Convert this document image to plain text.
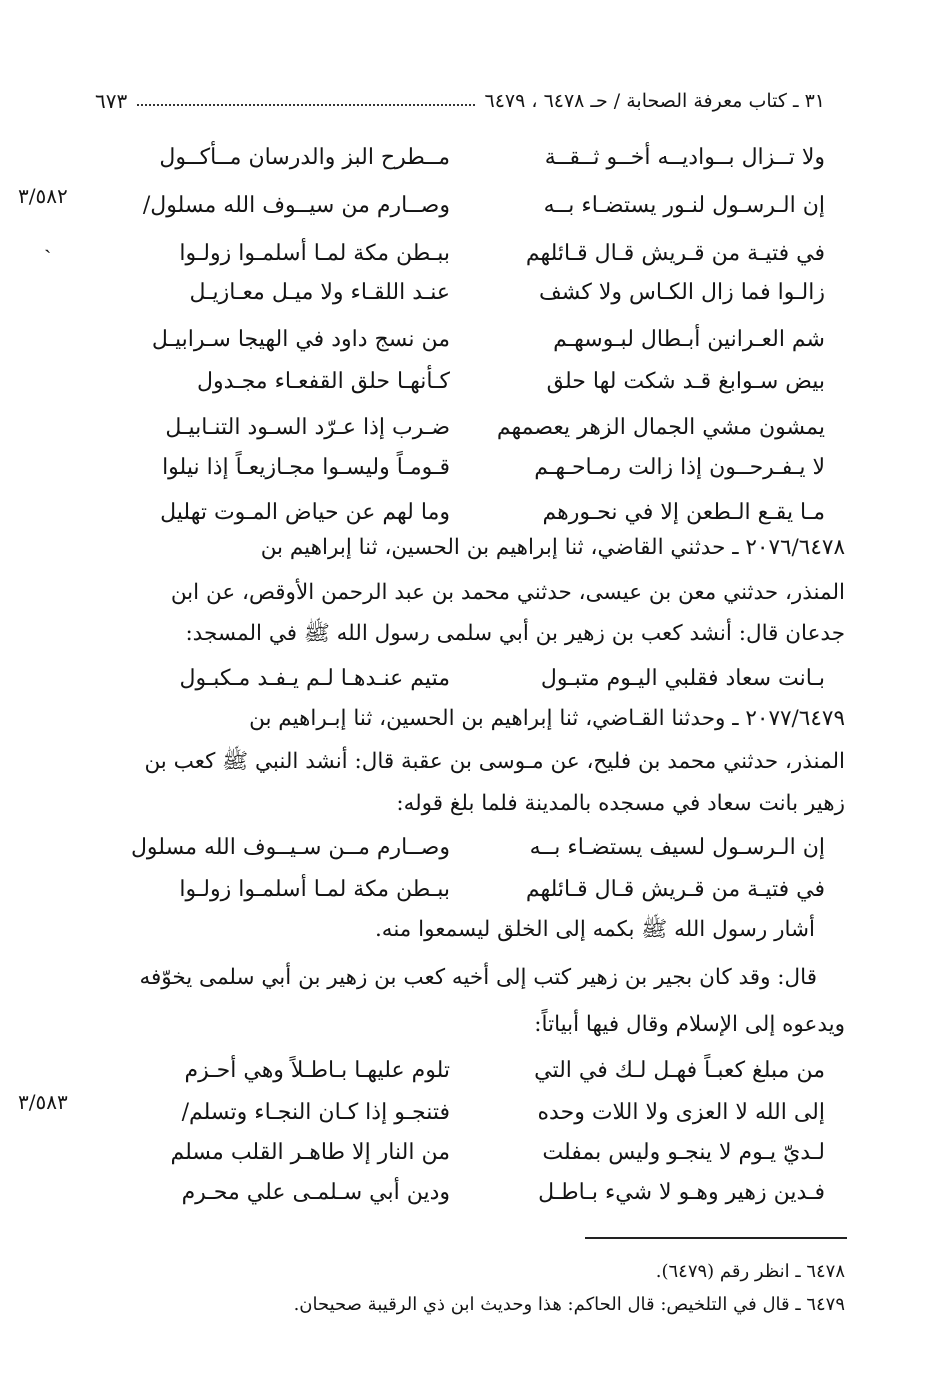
٣١ ـ كتاب معرفة الصحابة / حـ ٦٤٧٨ ، ٦٤٧٩
٦٧٣
ولا تــزال بــواديــه أخــو ثــقــة
مــطرح البز والدرسان مــأكــول
إن الـرسـول لنـور يستضـاء بــه
وصــارم من سيــوف الله مسلول/
في فتيـة من قـريش قـال قـائلهم
ببـطن مكة لمـا أسلمـوا زولـوا
زالـوا فما زال الكـاس ولا كشف
عنـد اللقـاء ولا ميـل معـازيـل
شم العـرانين أبـطال لبـوسهـم
من نسج داود في الهيجا سـرابيـل
بيض سـوابغ قـد شكت لها حلق
كـأنهـا حلق القفعـاء مجـدول
يمشون مشي الجمال الزهر يعصمهم
ضـرب إذا عـرّد السـود التنـابيـل
لا يـفـرحــون إذا زالت رمـاحـهـم
قـومـاً وليسـوا مجـازيعـاً إذا نيلوا
مـا يقـع الـطعن إلا في نحـورهم
وما لهم عن حياض المـوت تهليل
٣/٥٨٢
ˎ
٢٠٧٦/٦٤٧٨ ـ حدثني القاضي، ثنا إبراهيم بن الحسين، ثنا إبراهيم بن
المنذر، حدثني معن بن عيسى، حدثني محمد بن عبد الرحمن الأوقص، عن ابن
جدعان قال: أنشد كعب بن زهير بن أبي سلمى رسول الله ﷺ في المسجد:
بـانت سعاد فقلبي اليـوم متبـول
متيم عنـدهـا لـم يـفـد مـكبـول
٢٠٧٧/٦٤٧٩ ـ وحدثنا القـاضي، ثنا إبراهيم بن الحسين، ثنا إبـراهيم بن
المنذر، حدثني محمد بن فليح، عن مـوسى بن عقبة قال: أنشد النبي ﷺ كعب بن
زهير بانت سعاد في مسجده بالمدينة فلما بلغ قوله:
إن الـرسـول لسيف يستضـاء بــه
وصــارم مــن سـيــوف الله مسلول
في فتيـة من قـريش قـال قـائلهم
ببـطن مكة لمـا أسلمـوا زولـوا
أشار رسول الله ﷺ بكمه إلى الخلق ليسمعوا منه.
قال: وقد كان بجير بن زهير كتب إلى أخيه كعب بن زهير بن أبي سلمى يخوّفه
ويدعوه إلى الإسلام وقال فيها أبياتاً:
من مبلغ كعبـاً فهـل لـك في التي
تلوم عليهـا بـاطـلاً وهي أحـزم
إلى الله لا العزى ولا اللات وحده
فتنجـو إذا كـان النجـاء وتسلم/
لـديّ يـوم لا ينجـو وليس بمفلت
من النار إلا طاهـر القلب مسلم
فـدين زهير وهـو لا شيء بـاطـل
ودين أبي سـلمـى علي محـرم
٣/٥٨٣
٦٤٧٨ ـ انظر رقم (٦٤٧٩).
٦٤٧٩ ـ قال في التلخيص: قال الحاكم: هذا وحديث ابن ذي الرقيبة صحيحان.
